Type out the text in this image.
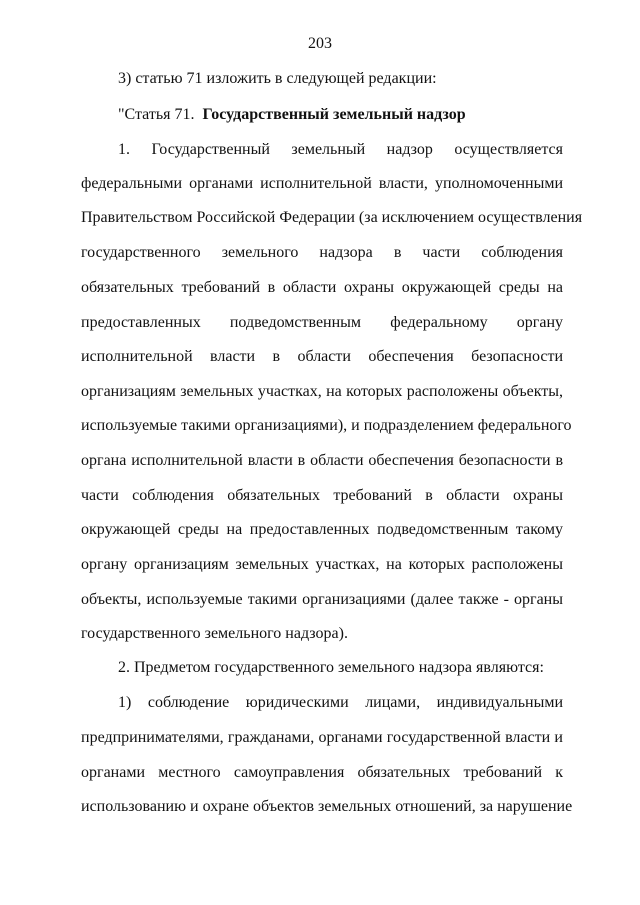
203
3) статью 71 изложить в следующей редакции:
"Статья 71. Государственный земельный надзор
1. Государственный земельный надзор осуществляется
федеральными органами исполнительной власти, уполномоченными
Правительством Российской Федерации (за исключением осуществления
государственного земельного надзора в части соблюдения
обязательных требований в области охраны окружающей среды на
предоставленных подведомственным федеральному органу
исполнительной власти в области обеспечения безопасности
организациям земельных участках, на которых расположены объекты,
используемые такими организациями), и подразделением федерального
органа исполнительной власти в области обеспечения безопасности в
части соблюдения обязательных требований в области охраны
окружающей среды на предоставленных подведомственным такому
органу организациям земельных участках, на которых расположены
объекты, используемые такими организациями (далее также - органы
государственного земельного надзора).
2. Предметом государственного земельного надзора являются:
1) соблюдение юридическими лицами, индивидуальными
предпринимателями, гражданами, органами государственной власти и
органами местного самоуправления обязательных требований к
использованию и охране объектов земельных отношений, за нарушение
